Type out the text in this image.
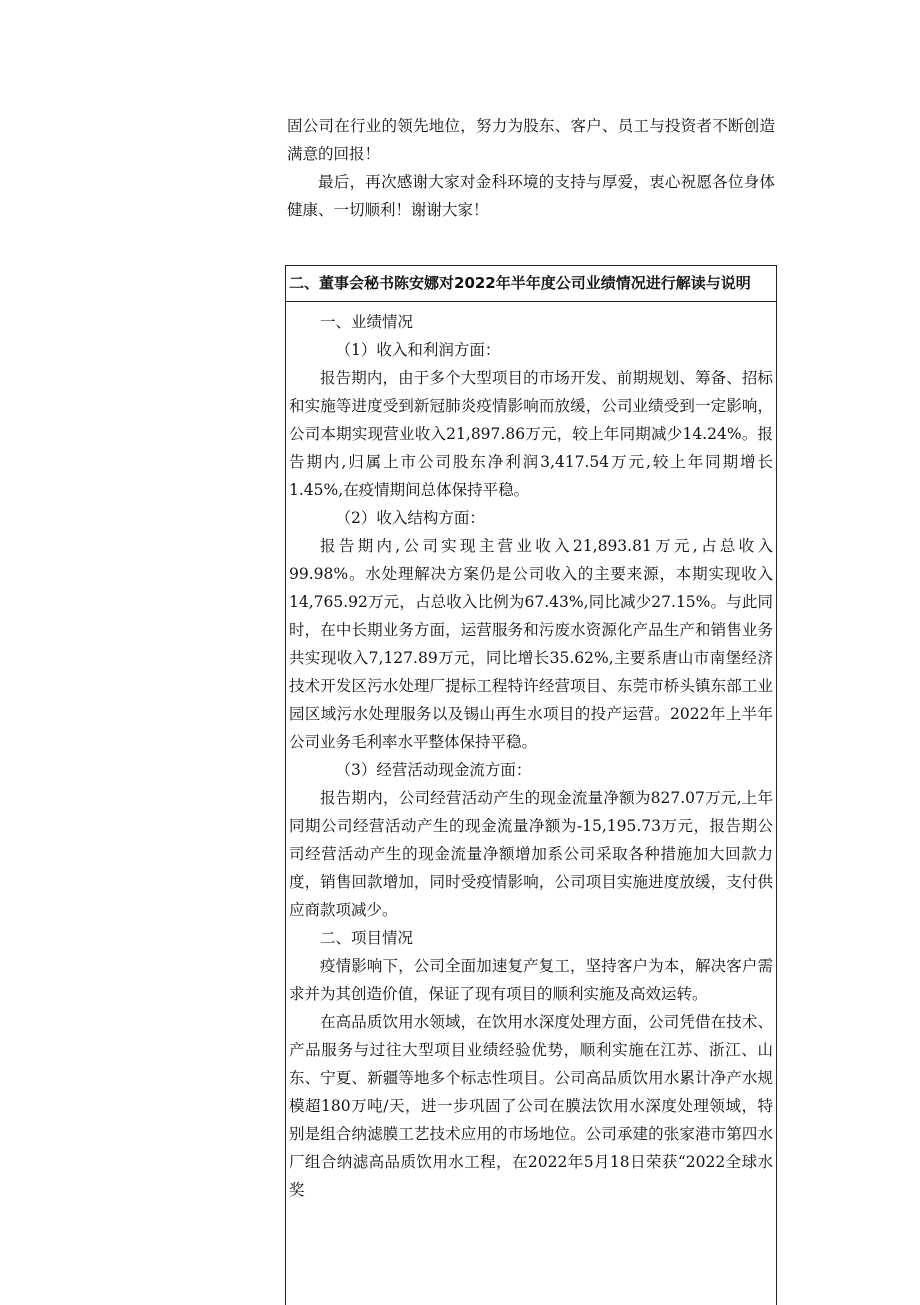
固公司在行业的领先地位，努力为股东、客户、员工与投资者不断创造满意的回报！

最后，再次感谢大家对金科环境的支持与厚爱，衷心祝愿各位身体健康、一切顺利！谢谢大家！

二、董事会秘书陈安娜对2022年半年度公司业绩情况进行解读与说明

一、业绩情况

（1）收入和利润方面：

报告期内，由于多个大型项目的市场开发、前期规划、筹备、招标和实施等进度受到新冠肺炎疫情影响而放缓，公司业绩受到一定影响，公司本期实现营业收入21,897.86万元，较上年同期减少14.24%。报告期内,归属上市公司股东净利润3,417.54万元,较上年同期增长1.45%,在疫情期间总体保持平稳。

（2）收入结构方面：

报告期内,公司实现主营业收入21,893.81万元,占总收入99.98%。水处理解决方案仍是公司收入的主要来源，本期实现收入14,765.92万元，占总收入比例为67.43%,同比减少27.15%。与此同时，在中长期业务方面，运营服务和污废水资源化产品生产和销售业务共实现收入7,127.89万元，同比增长35.62%,主要系唐山市南堡经济技术开发区污水处理厂提标工程特许经营项目、东莞市桥头镇东部工业园区域污水处理服务以及锡山再生水项目的投产运营。2022年上半年公司业务毛利率水平整体保持平稳。

（3）经营活动现金流方面：

报告期内，公司经营活动产生的现金流量净额为827.07万元,上年同期公司经营活动产生的现金流量净额为-15,195.73万元，报告期公司经营活动产生的现金流量净额增加系公司采取各种措施加大回款力度，销售回款增加，同时受疫情影响，公司项目实施进度放缓，支付供应商款项减少。

二、项目情况

疫情影响下，公司全面加速复产复工，坚持客户为本，解决客户需求并为其创造价值，保证了现有项目的顺利实施及高效运转。

在高品质饮用水领域，在饮用水深度处理方面，公司凭借在技术、产品服务与过往大型项目业绩经验优势，顺利实施在江苏、浙江、山东、宁夏、新疆等地多个标志性项目。公司高品质饮用水累计净产水规模超180万吨/天，进一步巩固了公司在膜法饮用水深度处理领域，特别是组合纳滤膜工艺技术应用的市场地位。公司承建的张家港市第四水厂组合纳滤高品质饮用水工程，在2022年5月18日荣获“2022全球水奖
